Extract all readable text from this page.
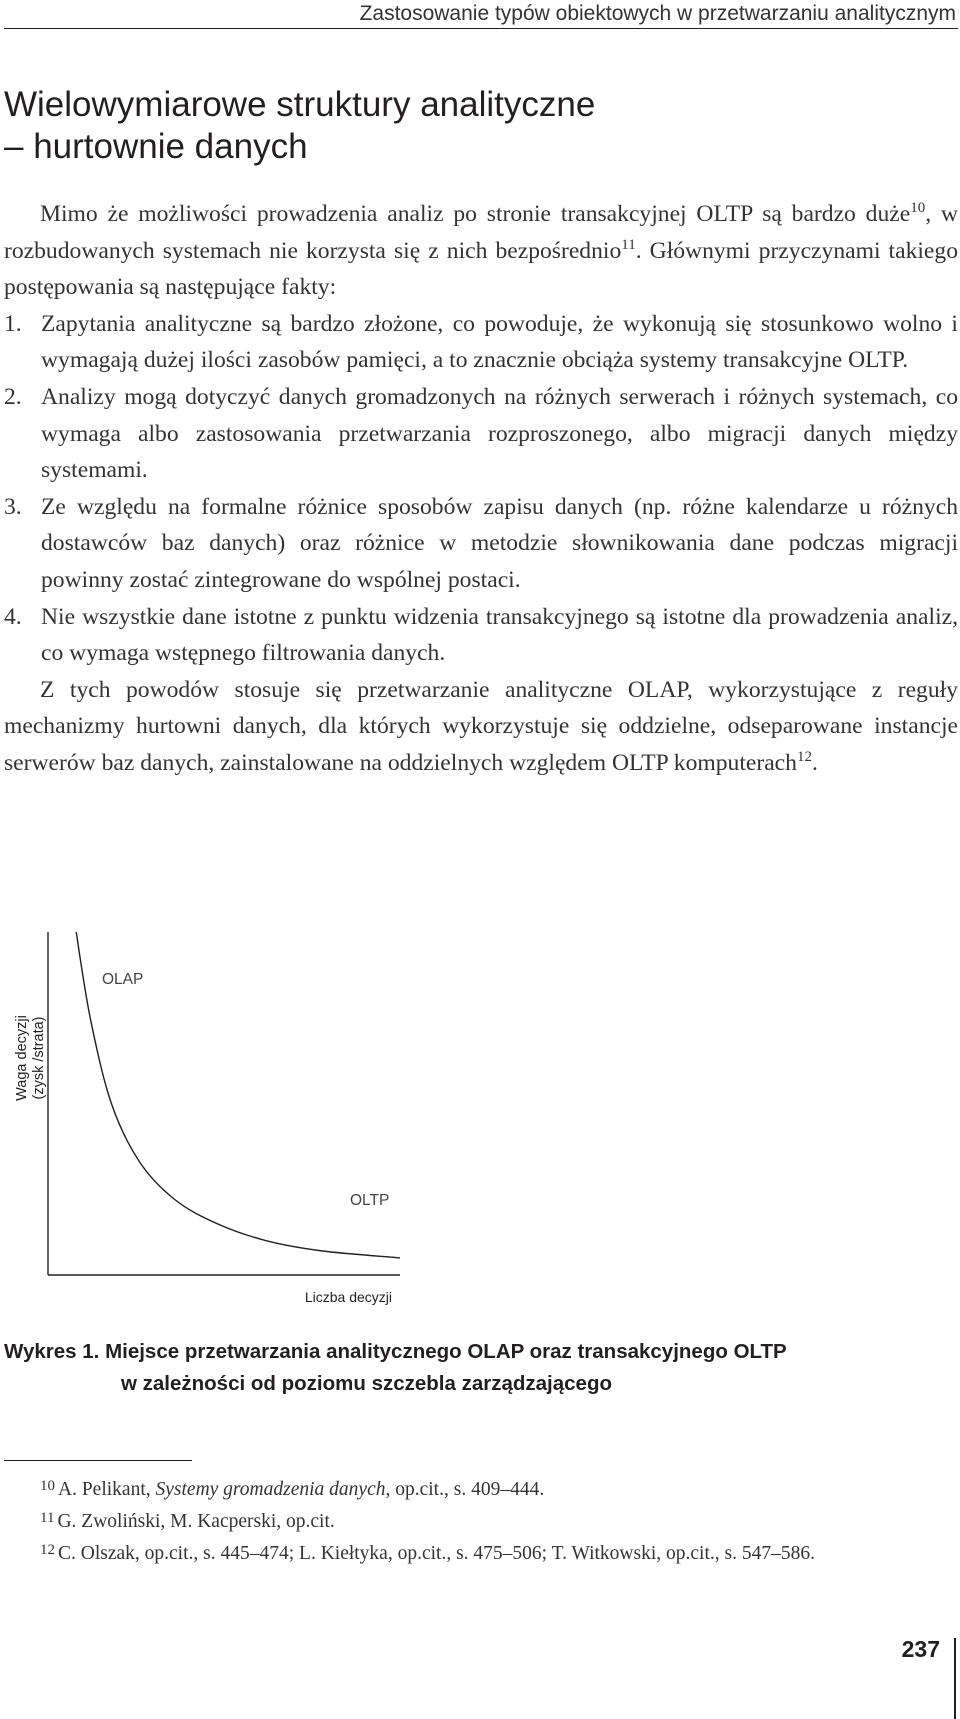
Zastosowanie typów obiektowych w przetwarzaniu analitycznym
Wielowymiarowe struktury analityczne
– hurtownie danych

Mimo że możliwości prowadzenia analiz po stronie transakcyjnej OLTP są bardzo duże$^{10}$, w rozbudowanych systemach nie korzysta się z nich bezpośrednio$^{11}$. Głównymi przyczynami takiego postępowania są następujące fakty:

1. Zapytania analityczne są bardzo złożone, co powoduje, że wykonują się stosunkowo wolno i wymagają dużej ilości zasobów pamięci, a to znacznie obciąża systemy transakcyjne OLTP.
2. Analizy mogą dotyczyć danych gromadzonych na różnych serwerach i różnych systemach, co wymaga albo zastosowania przetwarzania rozproszonego, albo migracji danych między systemami.
3. Ze względu na formalne różnice sposobów zapisu danych (np. różne kalendarze u różnych dostawców baz danych) oraz różnice w metodzie słownikowania dane podczas migracji powinny zostać zintegrowane do wspólnej postaci.
4. Nie wszystkie dane istotne z punktu widzenia transakcyjnego są istotne dla prowadzenia analiz, co wymaga wstępnego filtrowania danych.

Z tych powodów stosuje się przetwarzanie analityczne OLAP, wykorzystujące z reguły mechanizmy hurtowni danych, dla których wykorzystuje się oddzielne, odseparowane instancje serwerów baz danych, zainstalowane na oddzielnych względem OLTP komputerach$^{12}$.

Waga decyzji (zysk /strata)
OLAP
OLTP
Liczba decyzji

Wykres 1. Miejsce przetwarzania analitycznego OLAP oraz transakcyjnego OLTP
w zależności od poziomu szczebla zarządzającego

$^{10}$ A. Pelikant, Systemy gromadzenia danych, op.cit., s. 409–444.

$^{11}$ G. Zwoliński, M. Kacperski, op.cit.

$^{12}$ C. Olszak, op.cit., s. 445–474; L. Kiełtyka, op.cit., s. 475–506; T. Witkowski, op.cit., s. 547–586.

237
